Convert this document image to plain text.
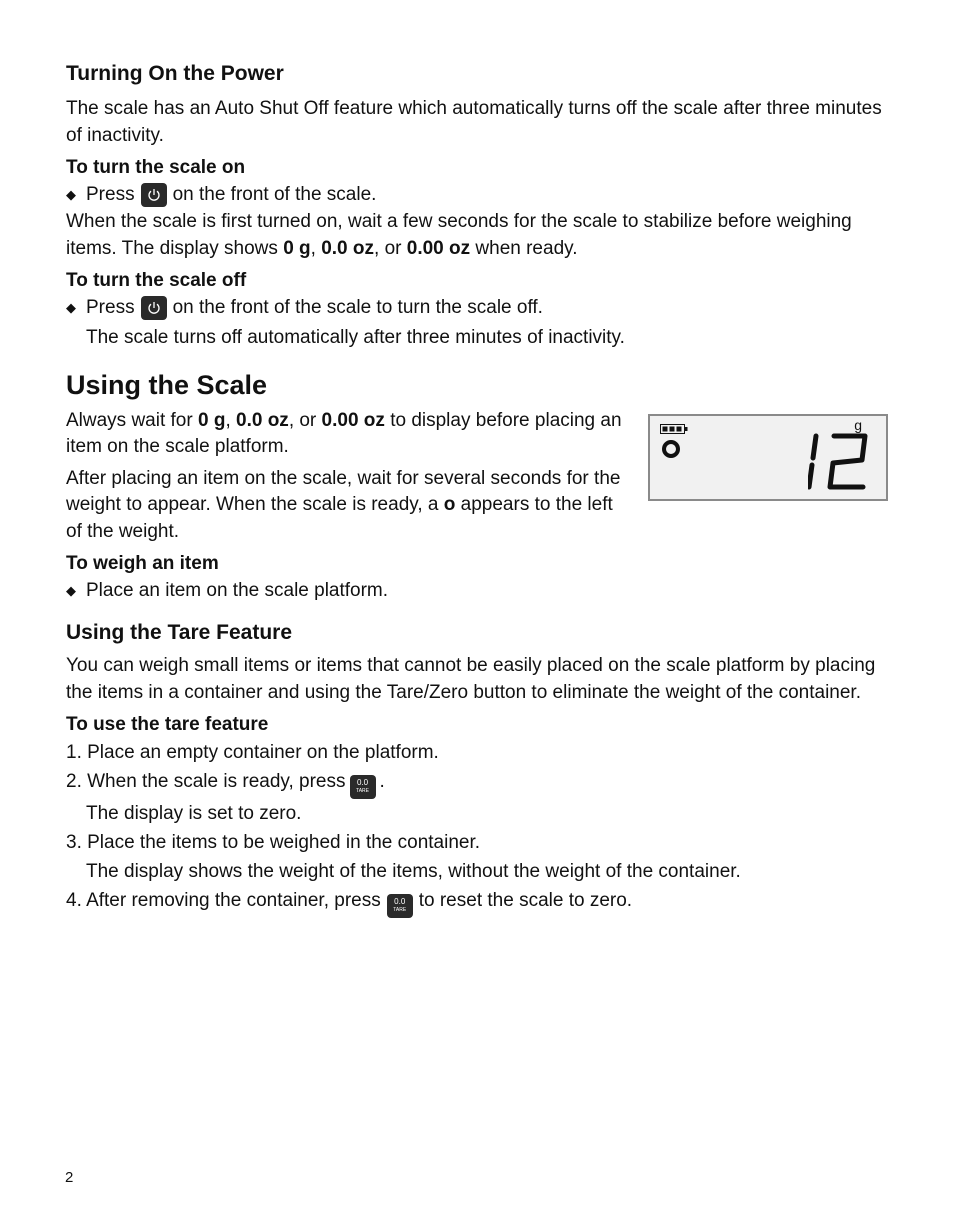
Turning On the Power

The scale has an Auto Shut Off feature which automatically turns off the scale after three minutes of inactivity.

To turn the scale on
◆ Press on the front of the scale.

When the scale is first turned on, wait a few seconds for the scale to stabilize before weighing items. The display shows 0 g, 0.0 oz, or 0.00 oz when ready.

To turn the scale off
◆ Press on the front of the scale to turn the scale off.

The scale turns off automatically after three minutes of inactivity.

Using the Scale

Always wait for 0 g, 0.0 oz, or 0.00 oz to display before placing an item on the scale platform.

After placing an item on the scale, wait for several seconds for the weight to appear. When the scale is ready, a o appears to the left of the weight.

g
To weigh an item
◆ Place an item on the scale platform.
Using the Tare Feature

You can weigh small items or items that cannot be easily placed on the scale platform by placing the items in a container and using the Tare/Zero button to eliminate the weight of the container.

To use the tare feature
1. Place an empty container on the platform.
2. When the scale is ready, press	0.0
TARE .
The display is set to zero.
3. Place the items to be weighed in the container.
The display shows the weight of the items, without the weight of the container.
4. After removing the container, press	0.0
TARE to reset the scale to zero.
2
